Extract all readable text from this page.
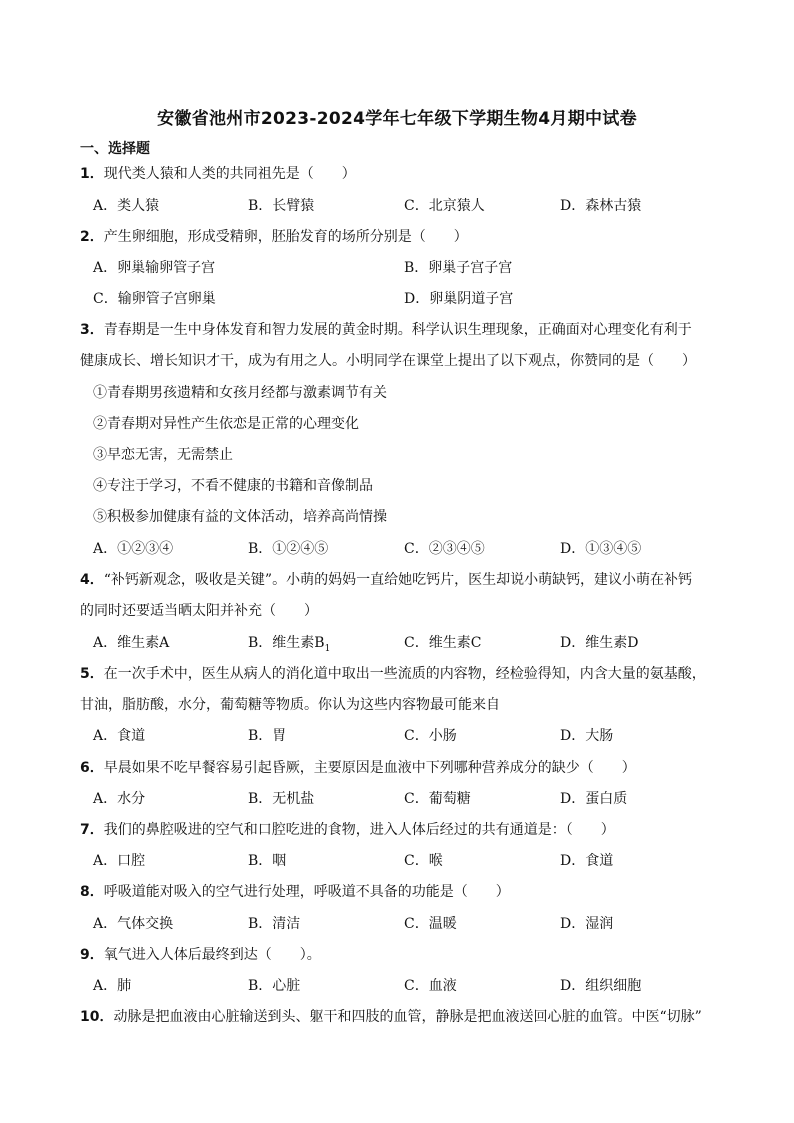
安徽省池州市2023-2024学年七年级下学期生物4月期中试卷
一、选择题
1．现代类人猿和人类的共同祖先是（　　）
A．类人猿	B．长臂猿	C．北京猿人	D．森林古猿
2．产生卵细胞，形成受精卵，胚胎发育的场所分别是（　　）
A．卵巢输卵管子宫	B．卵巢子宫子宫
C．输卵管子宫卵巢	D．卵巢阴道子宫
3．青春期是一生中身体发育和智力发展的黄金时期。科学认识生理现象，正确面对心理变化有利于
健康成长、增长知识才干，成为有用之人。小明同学在课堂上提出了以下观点，你赞同的是（　　）
①青春期男孩遗精和女孩月经都与激素调节有关
②青春期对异性产生依恋是正常的心理变化
③早恋无害，无需禁止
④专注于学习，不看不健康的书籍和音像制品
⑤积极参加健康有益的文体活动，培养高尚情操
A．①②③④	B．①②④⑤	C．②③④⑤	D．①③④⑤
4．“补钙新观念，吸收是关键”。小萌的妈妈一直给她吃钙片，医生却说小萌缺钙，建议小萌在补钙
的同时还要适当晒太阳并补充（　　）
A．维生素A	B．维生素$B_1$	C．维生素C	D．维生素D
5．在一次手术中，医生从病人的消化道中取出一些流质的内容物，经检验得知，内含大量的氨基酸，
甘油，脂肪酸，水分，葡萄糖等物质。你认为这些内容物最可能来自
A．食道	B．胃	C．小肠	D．大肠
6．早晨如果不吃早餐容易引起昏厥，主要原因是血液中下列哪种营养成分的缺少（　　）
A．水分	B．无机盐	C．葡萄糖	D．蛋白质
7．我们的鼻腔吸进的空气和口腔吃进的食物，进入人体后经过的共有通道是：（　　）
A．口腔	B．咽	C．喉	D．食道
8．呼吸道能对吸入的空气进行处理，呼吸道不具备的功能是（　　）
A．气体交换	B．清洁	C．温暖	D．湿润
9．氧气进入人体后最终到达（　　）。
A．肺	B．心脏	C．血液	D．组织细胞
10．动脉是把血液由心脏输送到头、躯干和四肢的血管，静脉是把血液送回心脏的血管。中医“切脉”
